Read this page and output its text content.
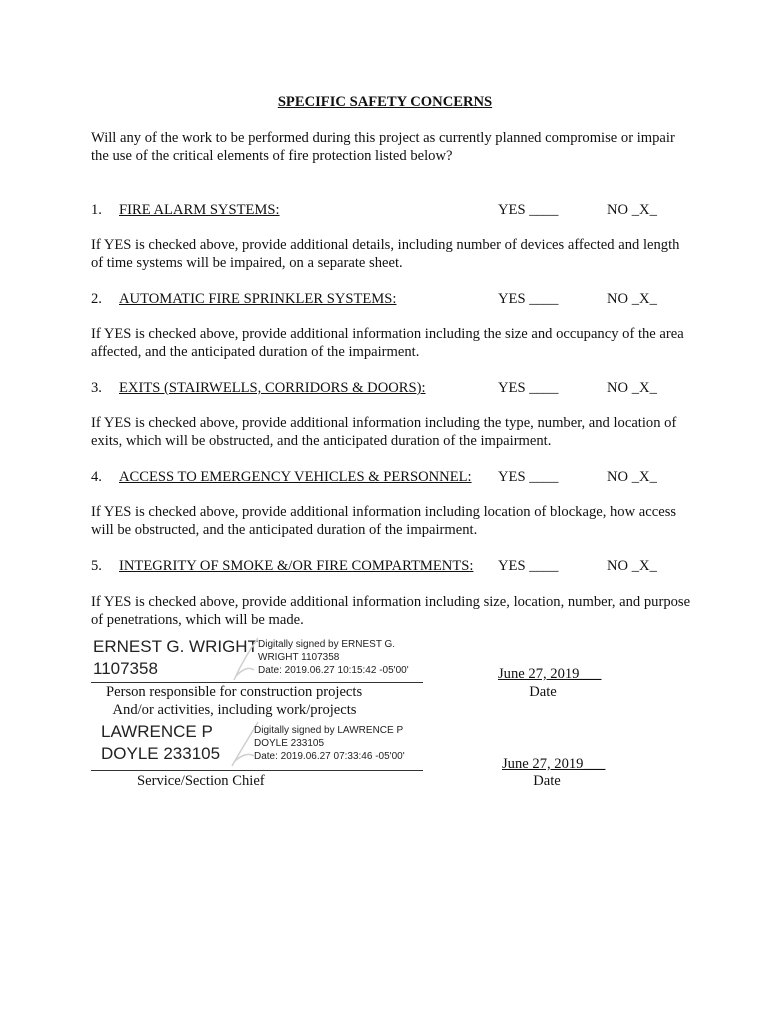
SPECIFIC SAFETY CONCERNS
Will any of the work to be performed during this project as currently planned compromise or impair the use of the critical elements of fire protection listed below?
1. FIRE ALARM SYSTEMS:	YES ____	NO _X_
If YES is checked above, provide additional details, including number of devices affected and length of time systems will be impaired, on a separate sheet.
2. AUTOMATIC FIRE SPRINKLER SYSTEMS:	YES ____	NO _X_
If YES is checked above, provide additional information including the size and occupancy of the area affected, and the anticipated duration of the impairment.
3. EXITS (STAIRWELLS, CORRIDORS & DOORS):	YES ____	NO _X_
If YES is checked above, provide additional information including the type, number, and location of exits, which will be obstructed, and the anticipated duration of the impairment.
4. ACCESS TO EMERGENCY VEHICLES & PERSONNEL: YES ____	NO _X_
If YES is checked above, provide additional information including location of blockage, how access will be obstructed, and the anticipated duration of the impairment.
5. INTEGRITY OF SMOKE &/OR FIRE COMPARTMENTS: YES ____	NO _X_
If YES is checked above, provide additional information including size, location, number, and purpose of penetrations, which will be made.
ERNEST G. WRIGHT
1107358
Digitally signed by ERNEST G.
WRIGHT 1107358
Date: 2019.06.27 10:15:42 -05'00'
Person responsible for construction projects
And/or activities, including work/projects
June 27, 2019___
Date
LAWRENCE P
DOYLE 233105
Digitally signed by LAWRENCE P
DOYLE 233105
Date: 2019.06.27 07:33:46 -05'00'
Service/Section Chief
June 27, 2019___
Date
